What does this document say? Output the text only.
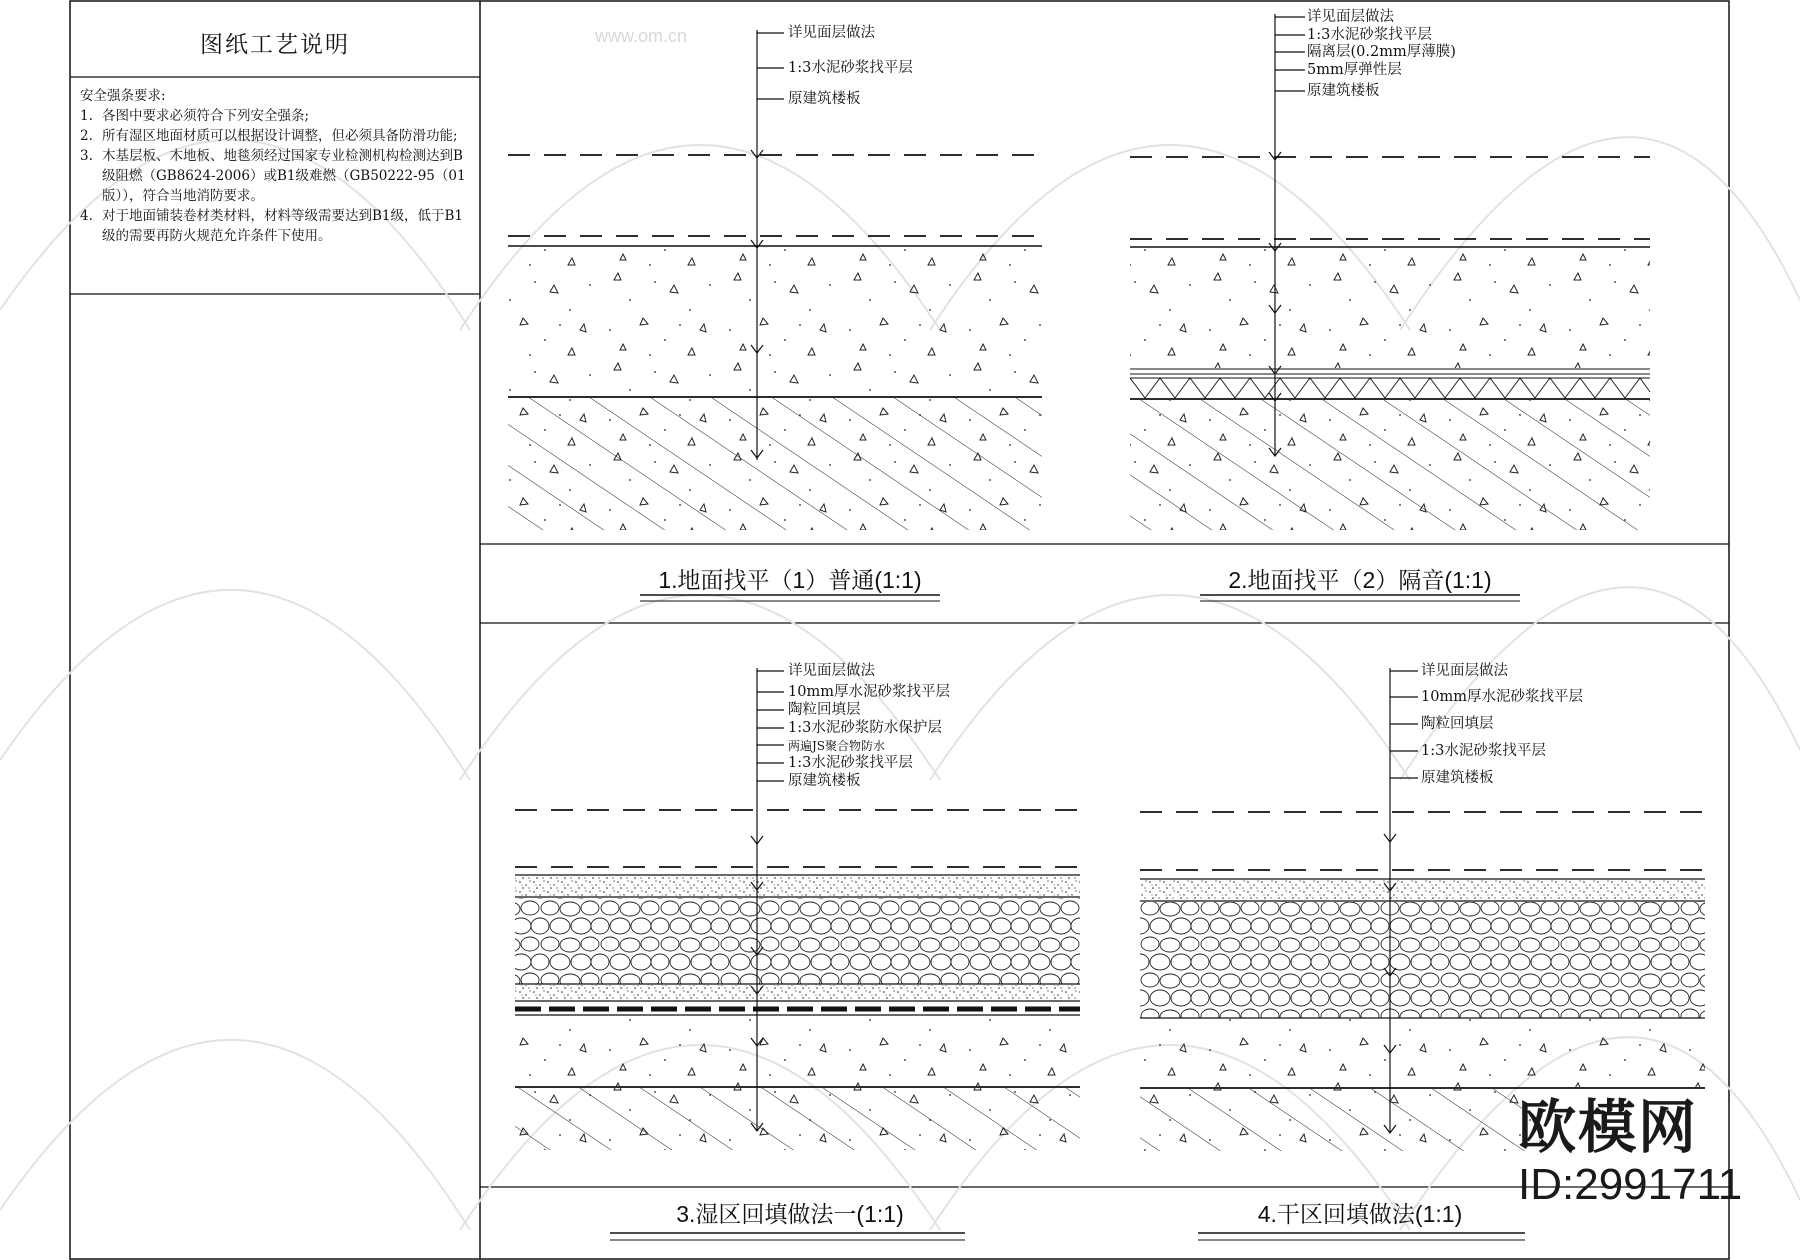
图纸工艺说明

安全强条要求:

1. 各图中要求必须符合下列安全强条;
2. 所有湿区地面材质可以根据设计调整，但必须具备防滑功能;
3. 木基层板、木地板、地毯须经过国家专业检测机构检测达到B级阻燃（GB8624-2006）或B1级难燃（GB50222-95（01版）），符合当地消防要求。
4. 对于地面铺装卷材类材料，材料等级需要达到B1级，低于B1级的需要再防火规范允许条件下使用。
详见面层做法
1:3水泥砂浆找平层
原建筑楼板
详见面层做法
1:3水泥砂浆找平层
隔离层(0.2mm厚薄膜)
5mm厚弹性层
原建筑楼板
详见面层做法
10mm厚水泥砂浆找平层
陶粒回填层
1:3水泥砂浆防水保护层
两遍JS聚合物防水
1:3水泥砂浆找平层
原建筑楼板
详见面层做法
10mm厚水泥砂浆找平层
陶粒回填层
1:3水泥砂浆找平层
原建筑楼板
1.地面找平（1）普通(1:1)	2.地面找平（2）隔音(1:1)
3.湿区回填做法一(1:1)	4.干区回填做法(1:1)
欧模网
ID:2991711
www.om.cn
